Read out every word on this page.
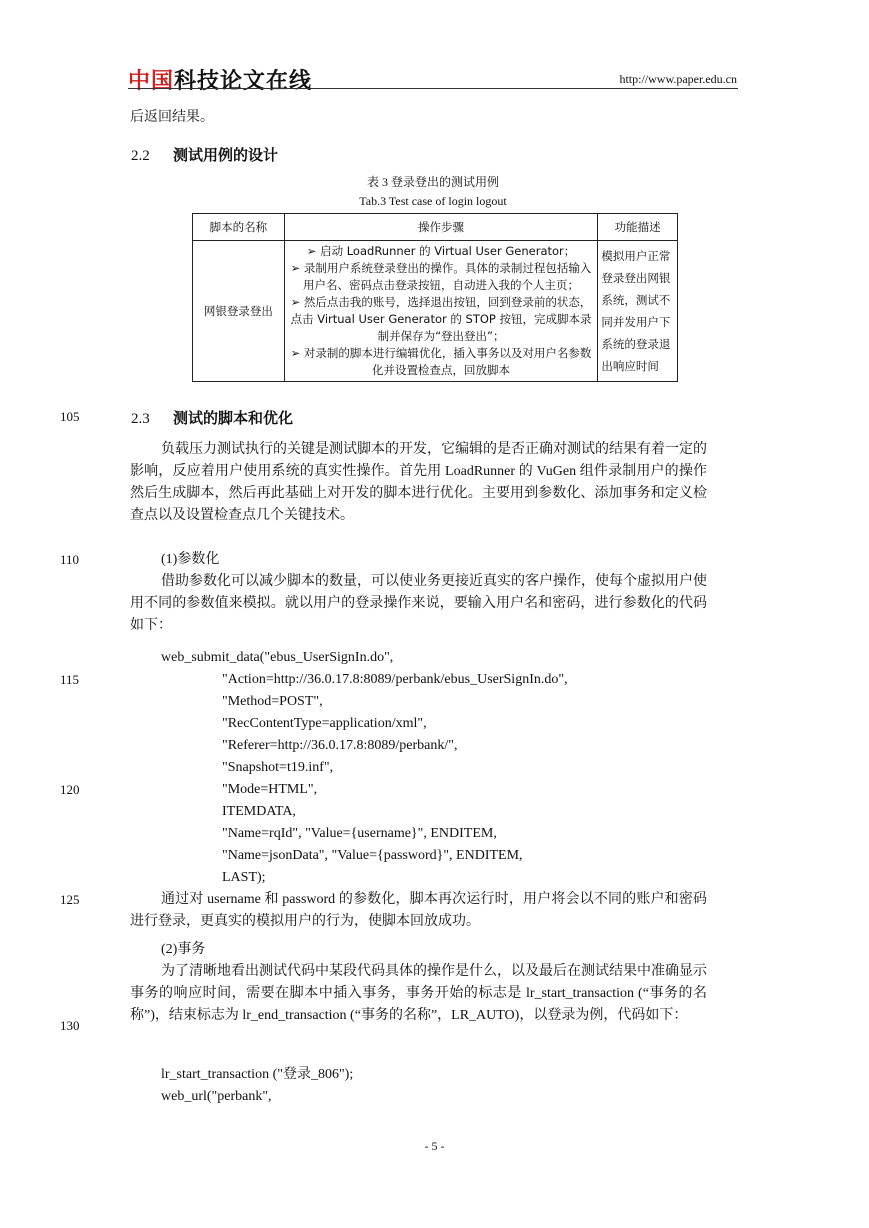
中国科技论文在线	http://www.paper.edu.cn
后返回结果。
2.2 测试用例的设计
表 3 登录登出的测试用例
Tab.3 Test case of login logout
脚本的名称	操作步骤	功能描述
网银登录登出	➢ 启动 LoadRunner 的 Virtual User Generator；
➢ 录制用户系统登录登出的操作。具体的录制过程包括输入用户名、密码点击登录按钮，自动进入我的个人主页；
➢ 然后点击我的账号，选择退出按钮，回到登录前的状态，点击 Virtual User Generator 的 STOP 按钮，完成脚本录制并保存为“登出登出”；
➢ 对录制的脚本进行编辑优化，插入事务以及对用户名参数化并设置检查点，回放脚本	模拟用户正常登录登出网银系统，测试不同并发用户下系统的登录退出响应时间
105
110
115
120
125
130
2.3 测试的脚本和优化
负载压力测试执行的关键是测试脚本的开发，它编辑的是否正确对测试的结果有着一定的影响，反应着用户使用系统的真实性操作。首先用 LoadRunner 的 VuGen 组件录制用户的操作然后生成脚本，然后再此基础上对开发的脚本进行优化。主要用到参数化、添加事务和定义检查点以及设置检查点几个关键技术。
(1)参数化
借助参数化可以减少脚本的数量，可以使业务更接近真实的客户操作，使每个虚拟用户使用不同的参数值来模拟。就以用户的登录操作来说，要输入用户名和密码，进行参数化的代码如下：
web_submit_data("ebus_UserSignIn.do",
"Action=http://36.0.17.8:8089/perbank/ebus_UserSignIn.do",
"Method=POST",
"RecContentType=application/xml",
"Referer=http://36.0.17.8:8089/perbank/",
"Snapshot=t19.inf",
"Mode=HTML",
ITEMDATA,
"Name=rqId", "Value={username}", ENDITEM,
"Name=jsonData", "Value={password}", ENDITEM,
LAST);
通过对 username 和 password 的参数化，脚本再次运行时，用户将会以不同的账户和密码进行登录，更真实的模拟用户的行为，使脚本回放成功。
(2)事务
为了清晰地看出测试代码中某段代码具体的操作是什么，以及最后在测试结果中准确显示事务的响应时间，需要在脚本中插入事务，事务开始的标志是 lr_start_transaction (“事务的名称”)，结束标志为 lr_end_transaction (“事务的名称”，LR_AUTO)，以登录为例，代码如下：
lr_start_transaction ("登录_806");
web_url("perbank",
- 5 -
